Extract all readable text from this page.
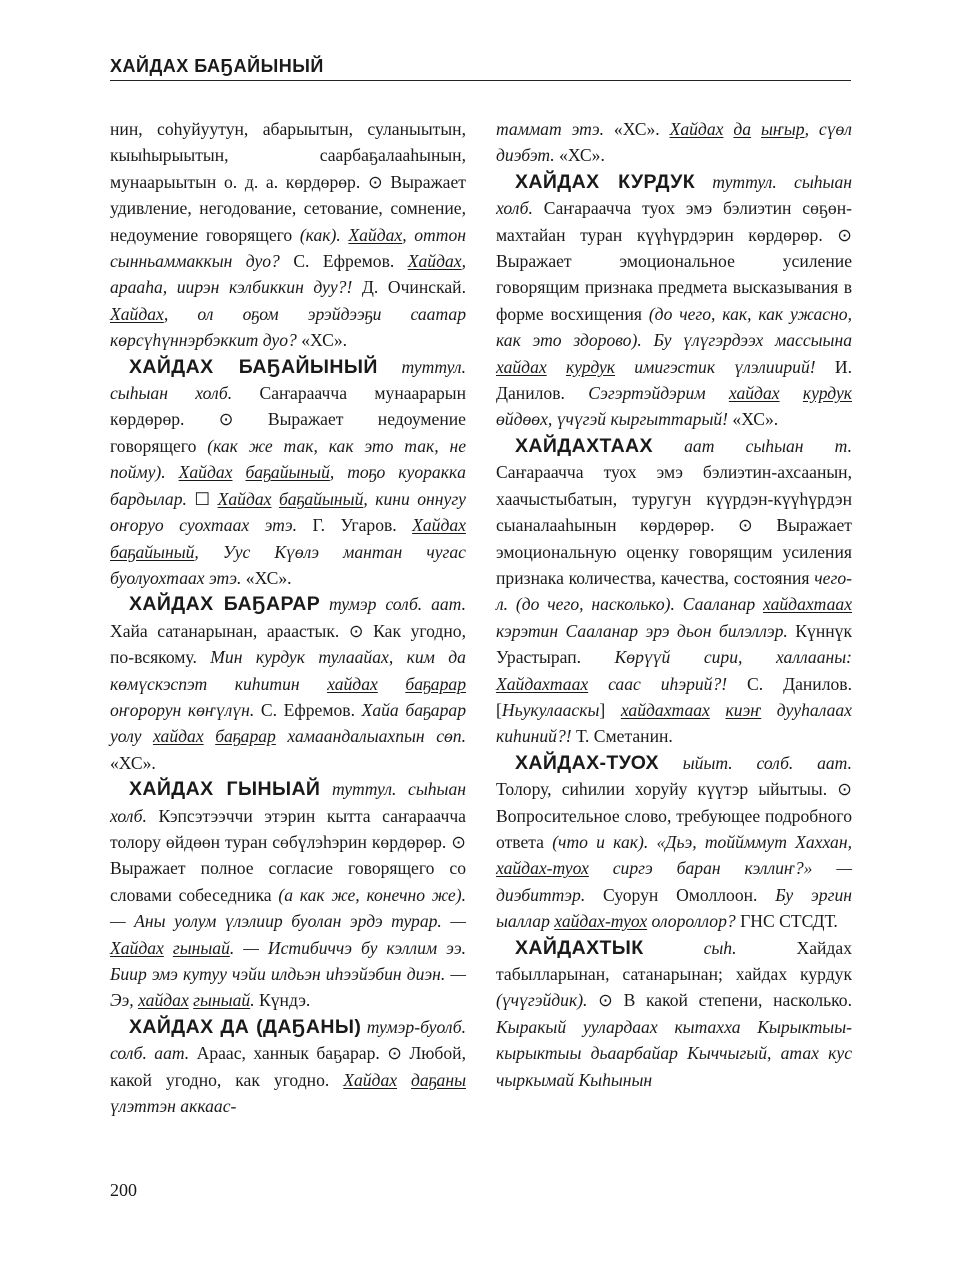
ХАЙДАХ БАҔАЙЫНЫЙ

нин, соһуйуутун, абарыытын, суланыытын, кыыһырыытын, саарбаҕалааһынын, мунаарыытын о. д. а. көрдөрөр. ⊙ Выражает удивление, негодование, сетование, сомнение, недоумение говорящего (как). Хайдах, оттон сынньаммаккын дуо? С. Ефремов. Хайдах, арааһа, иирэн кэлбиккин дуу?! Д. Очинскай. Хайдах, ол оҕом эрэйдээҕи саатар көрсүһүннэрбэккит дуо? «ХС».

ХАЙДАХ БАҔАЙЫНЫЙ туттул. сыһыан холб. Саҥараачча мунаарарын көрдөрөр. ⊙ Выражает недоумение говорящего (как же так, как это так, не пойму). Хайдах баҕайыный, тоҕо куораккa бардылар. ☐ Хайдах баҕайыный, кини оннугу оҥоруо суохтаах этэ. Г. Угаров. Хайдах баҕайыный, Уус Күөлэ мантан чугас буолуохтаах этэ. «ХС».

ХАЙДАХ БАҔАРАР тумэр солб. аат. Хайа сатанарынан, араастык. ⊙ Как угодно, по-всякому. Мин курдук тулаайах, ким да көмүскэспэт киһитин хайдах баҕарар оҥорорун көҥүлүн. С. Ефремов. Хайа баҕарар уолу хайдах баҕарар хамаандалыахпын сөп. «ХС».

ХАЙДАХ ГЫНЫАЙ туттул. сыһыан холб. Кэпсэтээччи этэрин кытта саҥараачча толору өйдөөн туран сөбүлэһэрин көрдөрөр. ⊙ Выражает полное согласие говорящего со словами собеседника (а как же, конечно же). — Аны уолум үлэлиир буолан эрдэ турар. — Хайдах гыныай. — Истибиччэ бу кэллим ээ. Биир эмэ кутуу чэйи илдьэн иһээйэбин диэн. — Ээ, хайдах гыныай. Күндэ.

ХАЙДАХ ДА (ДАҔАНЫ) тумэр-буолб. солб. аат. Араас, ханнык баҕарар. ⊙ Любой, какой угодно, как угодно. Хайдах даҕаны үлэттэн аккаас-

таммат этэ. «ХС». Хайдах да ыҥыр, сүөл диэбэт. «ХС».

ХАЙДАХ КУРДУК туттул. сыһыан холб. Саҥараачча туох эмэ бэлиэтин сөҕөн-махтайан туран күүһүрдэрин көрдөрөр. ⊙ Выражает эмоциональное усиление говорящим признака предмета высказывания в форме восхищения (до чего, как, как ужасно, как это здорово). Бу үлүгэрдээх массыына хайдах курдук имигэстик үлэлиирий! И. Данилов. Сэгэртэйдэрим хайдах курдук өйдөөх, үчүгэй кыргыттарый! «ХС».

ХАЙДАХТААХ аат сыһыан т. Саҥараачча туох эмэ бэлиэтин-ахсаанын, хаачыстыбатын, туругун күүрдэн-күүһүрдэн сыаналааһынын көрдөрөр. ⊙ Выражает эмоциональную оценку говорящим усиления признака количества, качества, состояния чего-л. (до чего, насколько). Сааланар хайдахтаах кэрэтин Сааланар эрэ дьон билэллэр. Күннүк Урастырап. Көрүүй сири, халлааны: Хайдахтаах саас иһэрий?! С. Данилов. [Ньукулааскы] хайдахтаах киэҥ дууһалаах киһиний?! Т. Сметанин.

ХАЙДАХ-ТУОХ ыйыт. солб. аат. Толору, сиһилии хоруйу күүтэр ыйытыы. ⊙ Вопросительное слово, требующее подробного ответа (что и как). «Дьэ, тоййммут Хаххан, хайдах-туох сиргэ баран кэллиҥ?» — диэбиттэр. Суорун Омоллоон. Бу эргин ыаллар хайдах-туох олороллор? ГНС СТСДТ.

ХАЙДАХТЫК сыһ. Хайдах табылларынан, сатанарынан; хайдах курдук (үчүгэйдик). ⊙ В какой степени, насколько. Кыракый уулардаах кытахха Кырыктыы-кырыктыы дьаарбайар Кыччыгый, атах кус чыркымай Кыһынын

200
